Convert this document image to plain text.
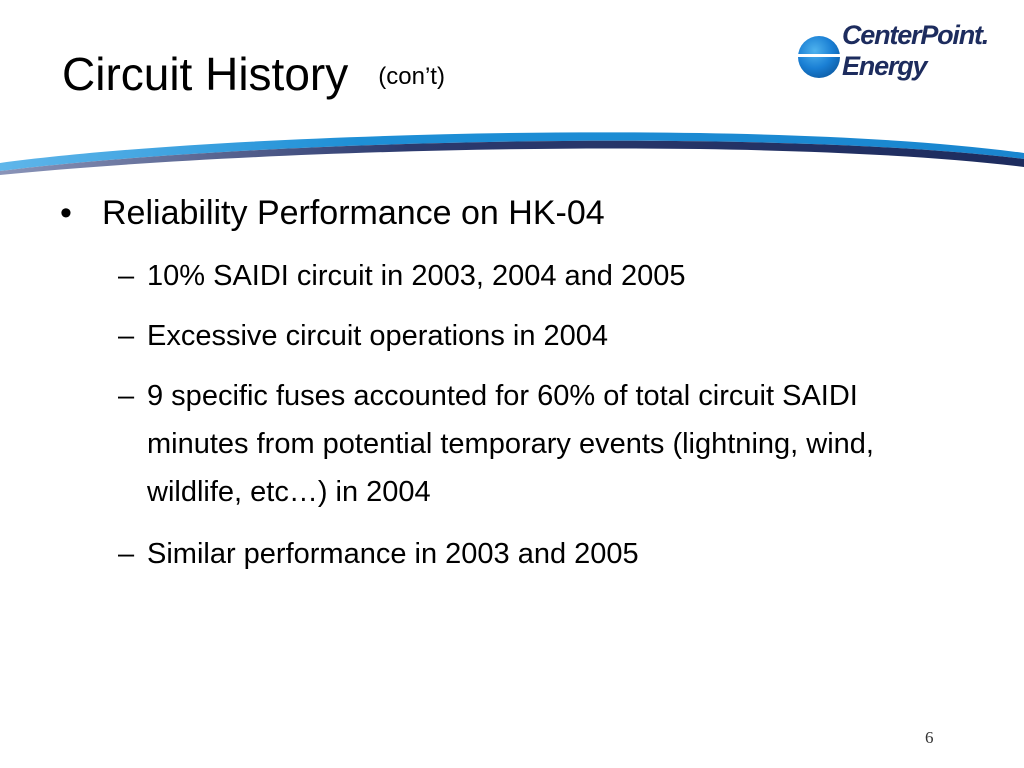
Circuit History (con’t)
CenterPoint.
Energy
• Reliability Performance on HK-04
– 10% SAIDI circuit in 2003, 2004 and 2005
– Excessive circuit operations in 2004
– 9 specific fuses accounted for 60% of total circuit SAIDI minutes from potential temporary events (lightning, wind, wildlife, etc…) in 2004
– Similar performance in 2003 and 2005
6
